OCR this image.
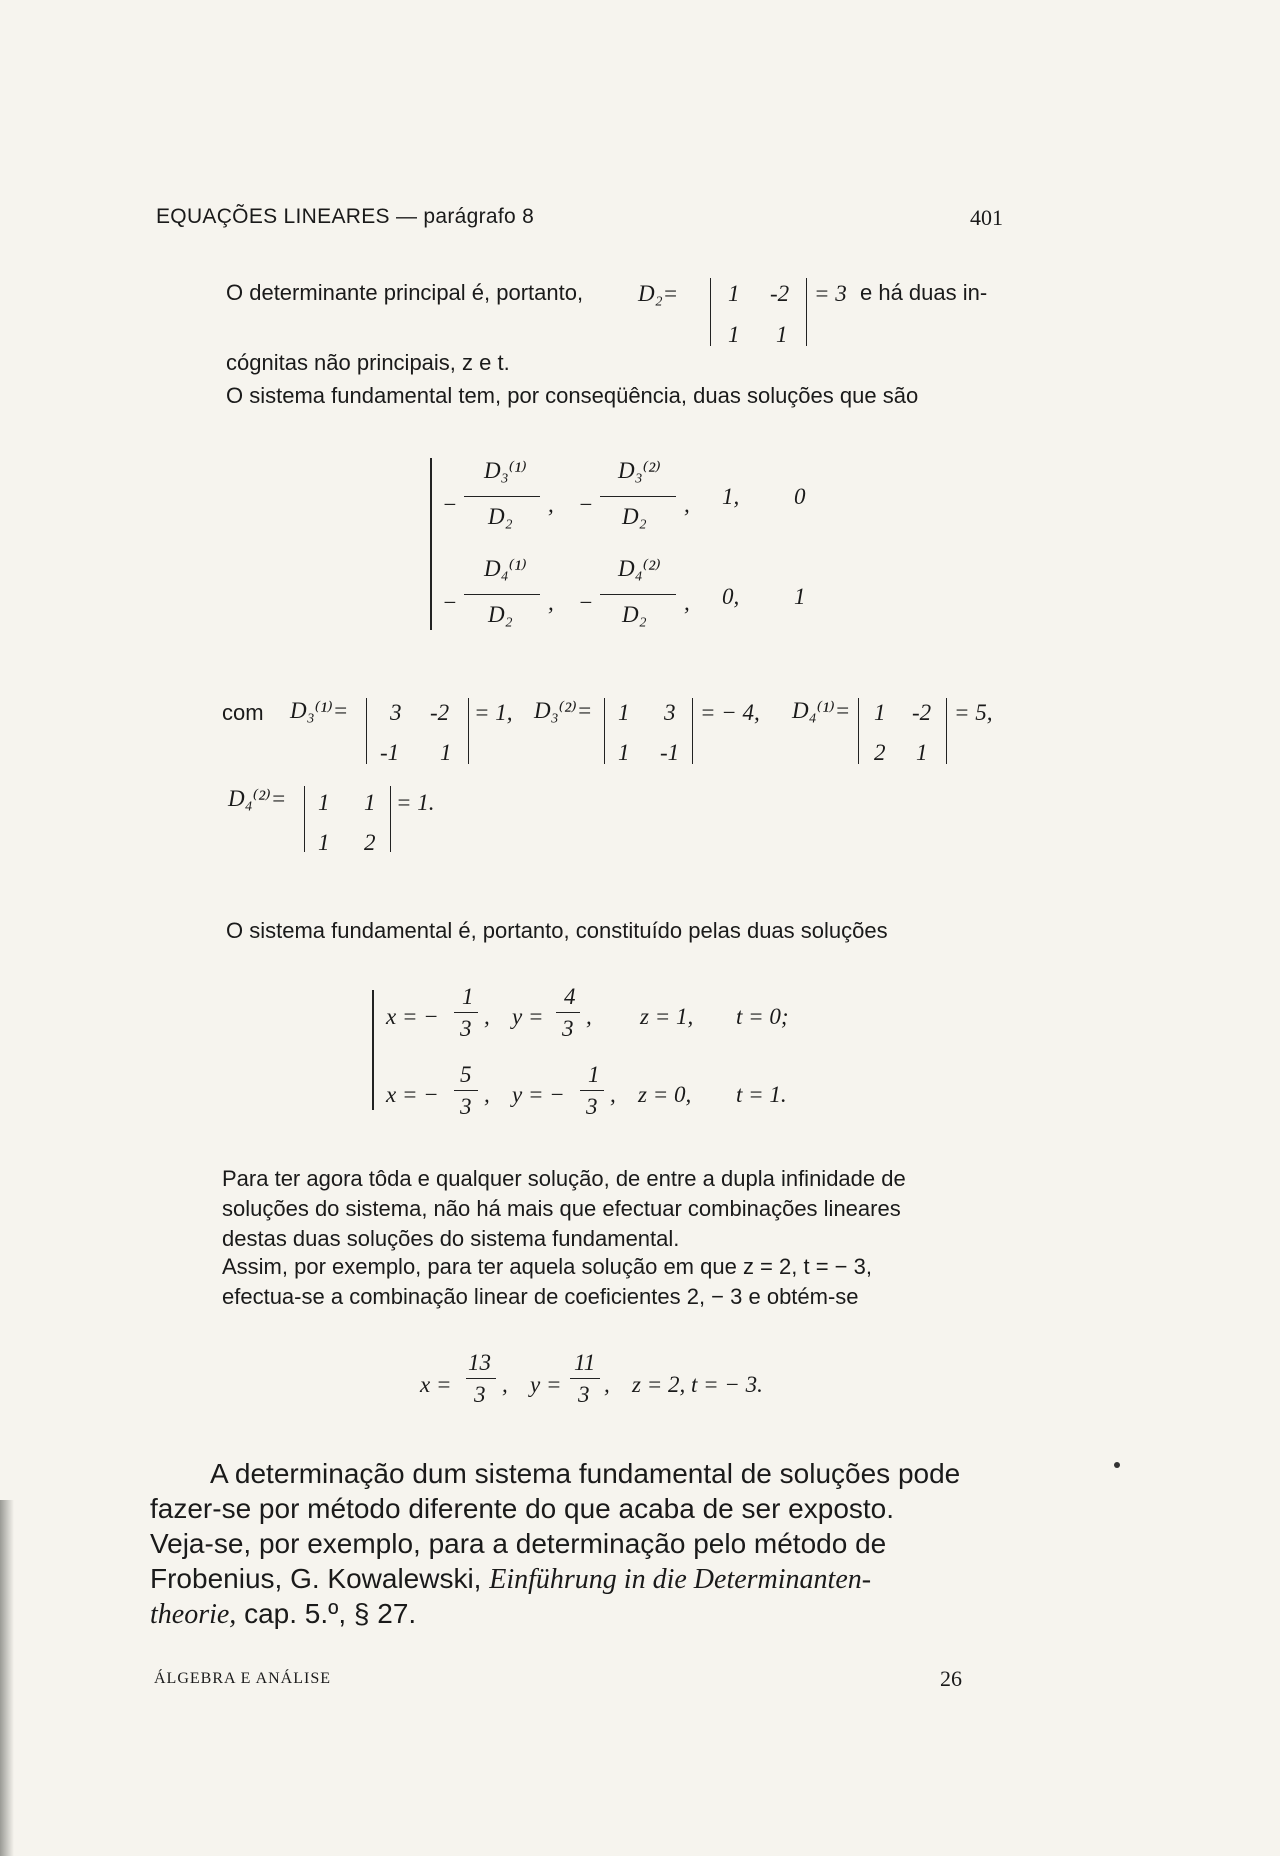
EQUAÇÕES LINEARES — parágrafo 8	401
O determinante principal é, portanto, D₂= 1 -2
1 1
= 3 e há duas in-
cógnitas não principais, z e t.
O sistema fundamental tem, por conseqüência, duas soluções que são
−
D₃⁽¹⁾
D₂ , −
D₃⁽²⁾
D₂ , 1, 0
−
D₄⁽¹⁾
D₂ , −
D₄⁽²⁾
D₂ , 0, 1
com D₃⁽¹⁾= 3 -2
-1 1
= 1, D₃⁽²⁾= 1 3
1 -1
= − 4, D₄⁽¹⁾= 1 -2
2 1
= 5,
D₄⁽²⁾= 1 1
1 2
= 1.
O sistema fundamental é, portanto, constituído pelas duas soluções
x = −
1
3 , y =
4
3 , z = 1, t = 0;
x = −
5
3 , y = −
1
3 , z = 0, t = 1.
Para ter agora tôda e qualquer solução, de entre a dupla infinidade de
soluções do sistema, não há mais que efectuar combinações lineares
destas duas soluções do sistema fundamental.
Assim, por exemplo, para ter aquela solução em que z = 2, t = − 3,
efectua-se a combinação linear de coeficientes 2, − 3 e obtém-se
x =
13
3 , y =
11
3 , z = 2, t = − 3.
A determinação dum sistema fundamental de soluções pode
fazer-se por método diferente do que acaba de ser exposto.
Veja-se, por exemplo, para a determinação pelo método de
Frobenius, G. Kowalewski, Einführung in die Determinanten-
theorie, cap. 5.º, § 27.
ÁLGEBRA E ANÁLISE	26
